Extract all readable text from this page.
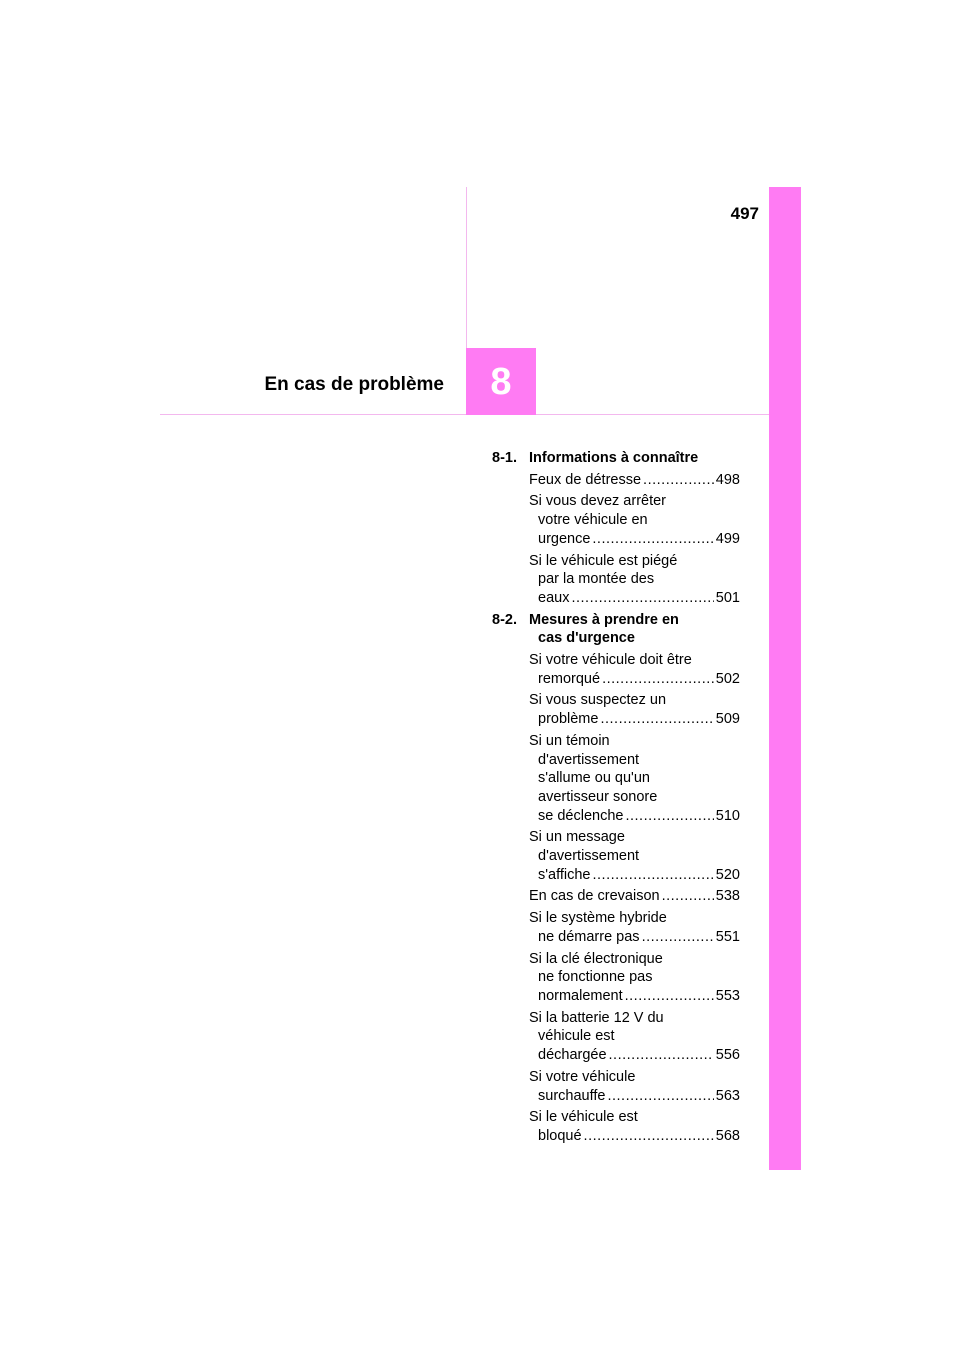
497
En cas de problème 8
8-1. Informations à connaître
Feux de détresse .....	498
Si vous devez arrêter
votre véhicule en
urgence .....	499
Si le véhicule est piégé
par la montée des
eaux .....	501
8-2. Mesures à prendre en
cas d'urgence
Si votre véhicule doit être
remorqué .....	502
Si vous suspectez un
problème .....	509
Si un témoin
d'avertissement
s'allume ou qu'un
avertisseur sonore
se déclenche .....	510
Si un message
d'avertissement
s'affiche .....	520
En cas de crevaison .....	538
Si le système hybride
ne démarre pas .....	551
Si la clé électronique
ne fonctionne pas
normalement .....	553
Si la batterie 12 V du
véhicule est
déchargée .....	556
Si votre véhicule
surchauffe .....	563
Si le véhicule est
bloqué .....	568
